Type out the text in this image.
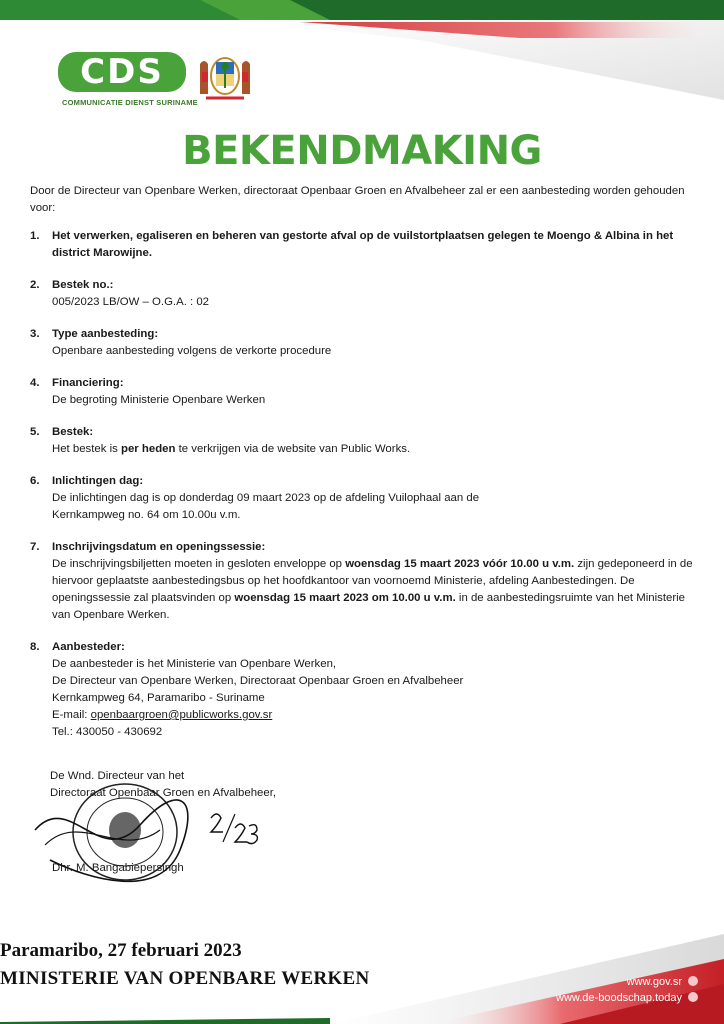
CDS
COMMUNICATIE DIENST SURINAME
BEKENDMAKING
Door de Directeur van Openbare Werken, directoraat Openbaar Groen en Afvalbeheer zal er een aanbesteding worden gehouden voor:
1. Het verwerken, egaliseren en beheren van gestorte afval op de vuilstortplaatsen gelegen te Moengo & Albina in het district Marowijne.

2. Bestek no.:

005/2023 LB/OW – O.G.A. : 02

3. Type aanbesteding:

Openbare aanbesteding volgens de verkorte procedure

4. Financiering:

De begroting Ministerie Openbare Werken

5. Bestek:

Het bestek is per heden te verkrijgen via de website van Public Works.

6. Inlichtingen dag:

De inlichtingen dag is op donderdag 09 maart 2023 op de afdeling Vuilophaal aan de

Kernkampweg no. 64 om 10.00u v.m.

7. Inschrijvingsdatum en openingssessie:

De inschrijvingsbiljetten moeten in gesloten enveloppe op woensdag 15 maart 2023 vóór 10.00 u v.m. zijn gedeponeerd in de hiervoor geplaatste aanbestedingsbus op het hoofdkantoor van voornoemd Ministerie, afdeling Aanbestedingen. De openingssessie zal plaatsvinden op woensdag 15 maart 2023 om 10.00 u v.m. in de aanbestedingsruimte van het Ministerie van Openbare Werken.

8. Aanbesteder:

De aanbesteder is het Ministerie van Openbare Werken,

De Directeur van Openbare Werken, Directoraat Openbaar Groen en Afvalbeheer

Kernkampweg 64, Paramaribo - Suriname

E-mail: openbaargroen@publicworks.gov.sr

Tel.: 430050 - 430692

De Wnd. Directeur van het
Directoraat Openbaar Groen en Afvalbeheer,
Dhr. M. Bangabiepersingh
Paramaribo, 27 februari 2023
MINISTERIE VAN OPENBARE WERKEN	www.gov.sr
www.de-boodschap.today
